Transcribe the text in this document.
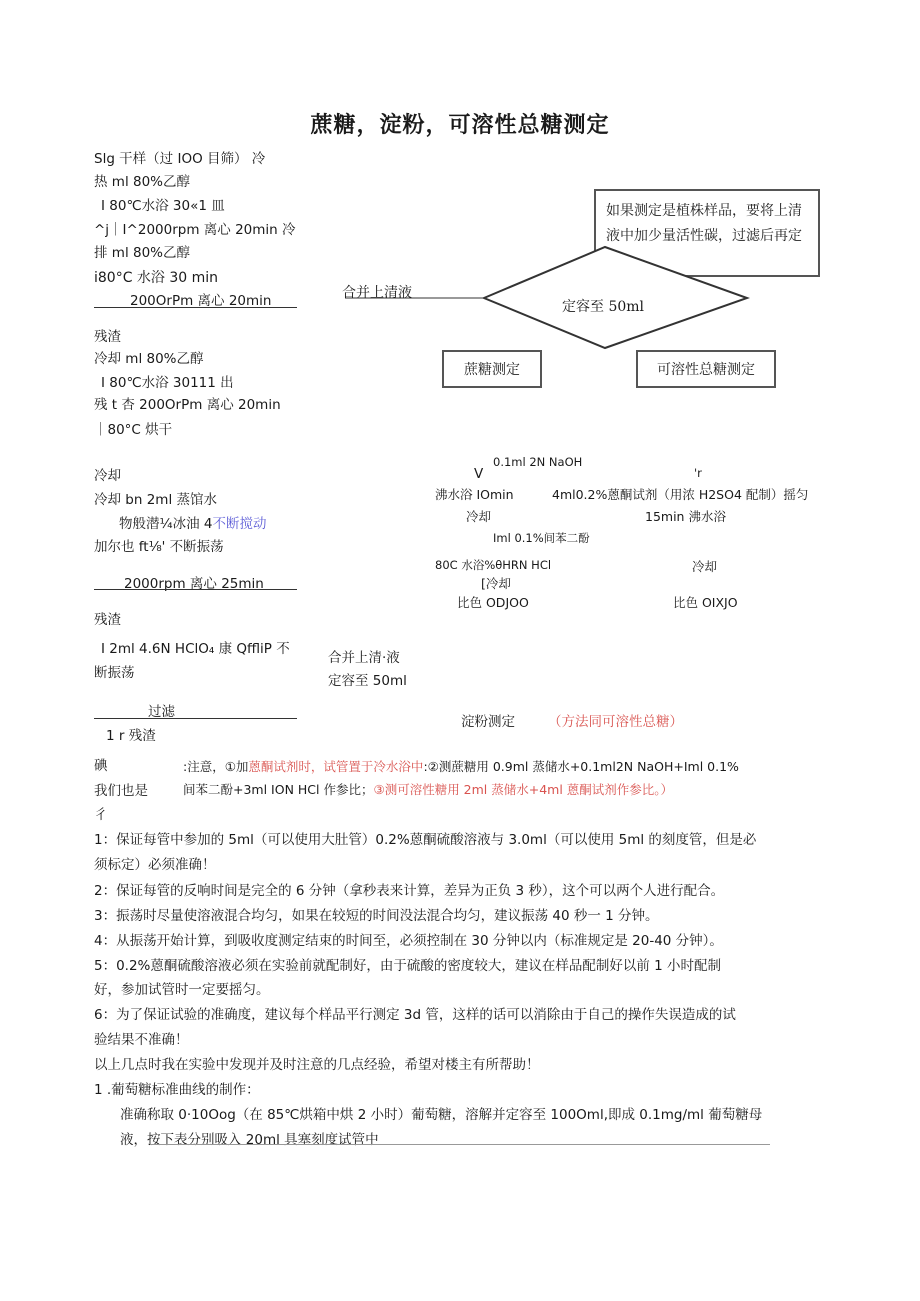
蔗糖，淀粉，可溶性总糖测定
Slg 干样（过 IOO 目筛） 冷
热 ml 80%乙醇
I 80℃水浴 30«1 皿
^j｜I^2000rpm 离心 20min 冷
排 ml 80%乙醇
i80°C 水浴 30 min
200OrPm 离心 20min
残渣
冷却 ml 80%乙醇
I 80℃水浴 30111 出
残 t 杏 200OrPm 离心 20min
｜80°C 烘干
冷却
冷却 bn 2ml 蒸馆水
物般潜¼冰油 4不断搅动
加尔也 ft⅛' 不断振荡
2000rpm 离心 25min
残渣
I 2ml 4.6N HClO₄ 康 QffliP 不
断振荡
过滤
1 r 残渣
碘
我们也是
彳
如果测定是植株样品，要将上清液中加少量活性碳，过滤后再定
合并上清液
定容至 50ml
蔗糖测定	可溶性总糖测定
0.1ml 2N NaOH
V
沸水浴 IOmin
冷却
Iml 0.1%间苯二酚
80C 水浴%θHRN HCl
[冷却
比色 ODJOO
'r
4ml0.2%蒽酮试剂（用浓 H2SO4 配制）摇匀
15min 沸水浴
冷却
比色 OIXJO
合并上清·液
定容至 50ml
淀粉测定 （方法同可溶性总糖）
:注意，①加蒽酮试剂时，试管置于冷水浴中:②测蔗糖用 0.9ml 蒸储水+0.1ml2N NaOH+Iml 0.1%
间苯二酚+3ml ION HCl 作参比；③测可溶性糖用 2ml 蒸储水+4ml 蒽酮试剂作参比。）
1：保证每管中参加的 5ml（可以使用大肚管）0.2%蒽酮硫酸溶液与 3.0ml（可以使用 5ml 的刻度管，但是必
须标定）必须准确！
2：保证每管的反响时间是完全的 6 分钟（拿秒表来计算，差异为正负 3 秒），这个可以两个人进行配合。
3：振荡时尽量使溶液混合均匀，如果在较短的时间没法混合均匀，建议振荡 40 秒一 1 分钟。
4：从振荡开始计算，到吸收度测定结束的时间至，必须控制在 30 分钟以内（标准规定是 20-40 分钟）。
5：0.2%蒽酮硫酸溶液必须在实验前就配制好，由于硫酸的密度较大，建议在样品配制好以前 1 小时配制
好，参加试管时一定要摇匀。
6：为了保证试验的准确度，建议每个样品平行测定 3d 管，这样的话可以消除由于自己的操作失误造成的试
验结果不准确！
以上几点时我在实验中发现并及时注意的几点经验，希望对楼主有所帮助！
1 .葡萄糖标准曲线的制作：
准确称取 0·10Oog（在 85℃烘箱中烘 2 小时）葡萄糖，溶解并定容至 100Oml,即成 0.1mg∕ml 葡萄糖母
液，按下表分别吸入 20ml 具塞刻度试管中
